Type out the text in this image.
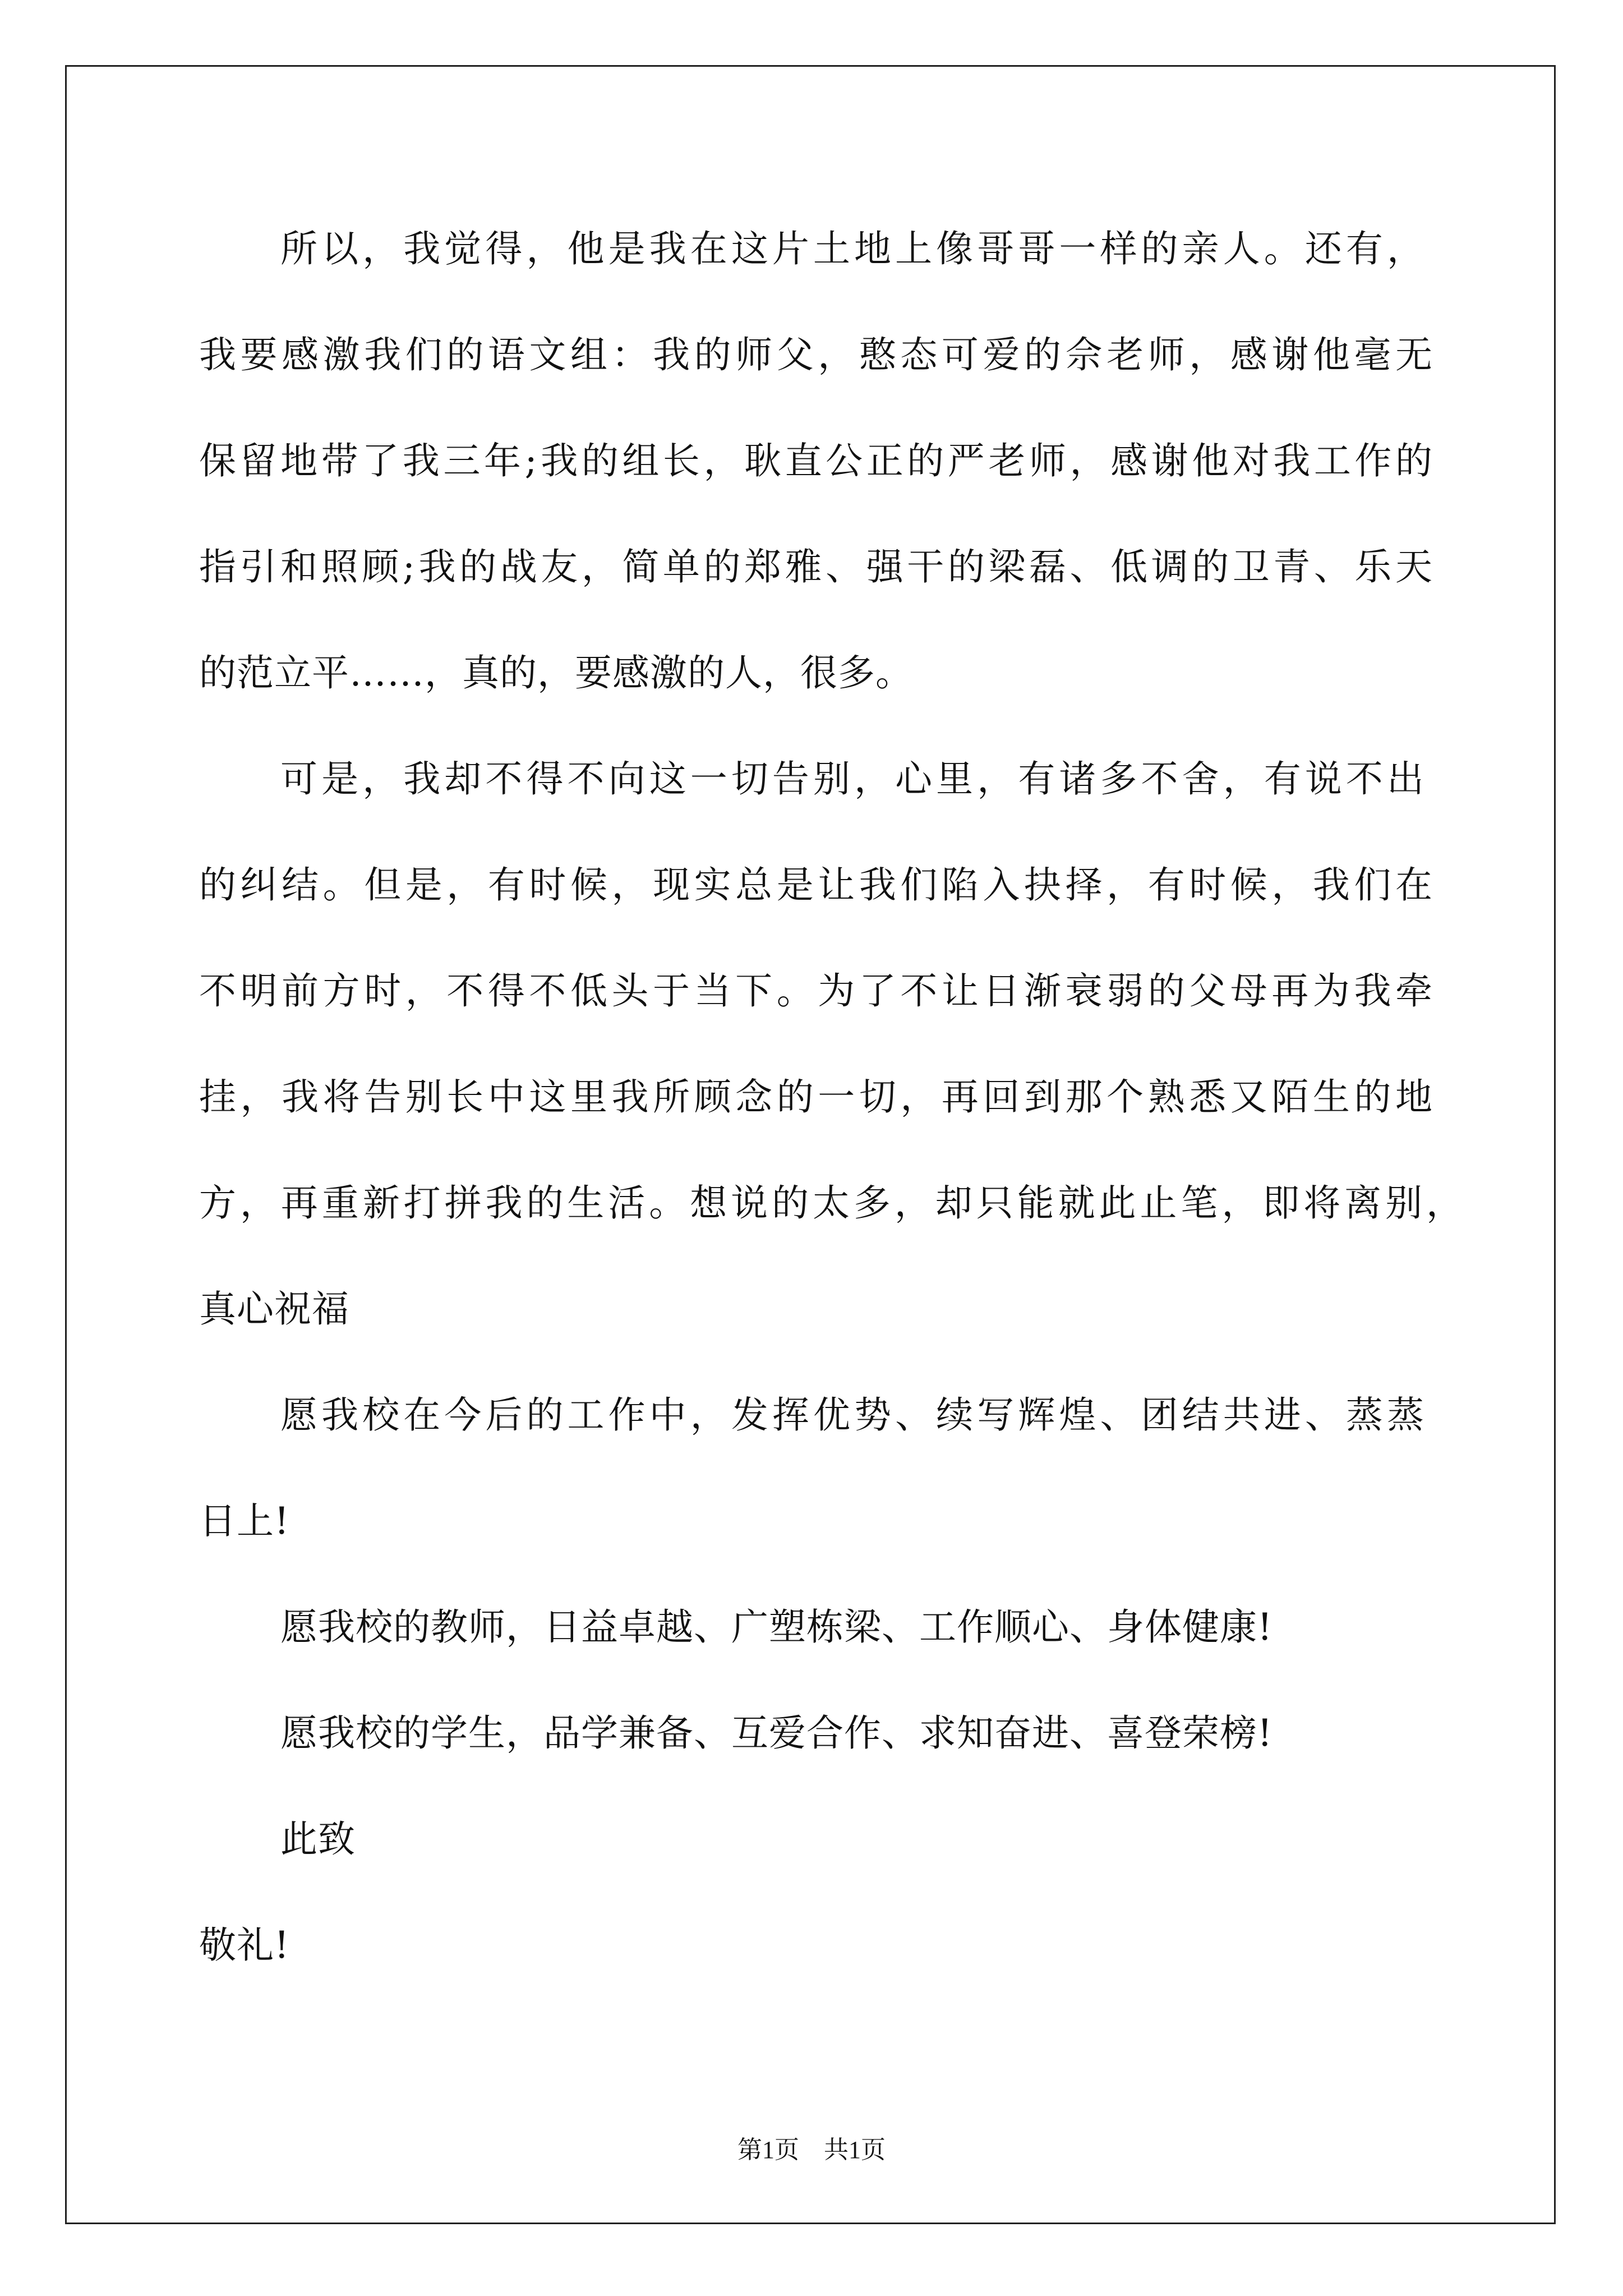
所以，我觉得，他是我在这片土地上像哥哥一样的亲人。还有，
我要感激我们的语文组：我的师父，憨态可爱的佘老师，感谢他毫无
保留地带了我三年;我的组长，耿直公正的严老师，感谢他对我工作的
指引和照顾;我的战友，简单的郑雅、强干的梁磊、低调的卫青、乐天
的范立平……，真的，要感激的人，很多。
可是，我却不得不向这一切告别，心里，有诸多不舍，有说不出
的纠结。但是，有时候，现实总是让我们陷入抉择，有时候，我们在
不明前方时，不得不低头于当下。为了不让日渐衰弱的父母再为我牵
挂，我将告别长中这里我所顾念的一切，再回到那个熟悉又陌生的地
方，再重新打拼我的生活。想说的太多，却只能就此止笔，即将离别，
真心祝福
愿我校在今后的工作中，发挥优势、续写辉煌、团结共进、蒸蒸
日上!
愿我校的教师，日益卓越、广塑栋梁、工作顺心、身体健康!
愿我校的学生，品学兼备、互爱合作、求知奋进、喜登荣榜!
此致
敬礼!
第1页　共1页
